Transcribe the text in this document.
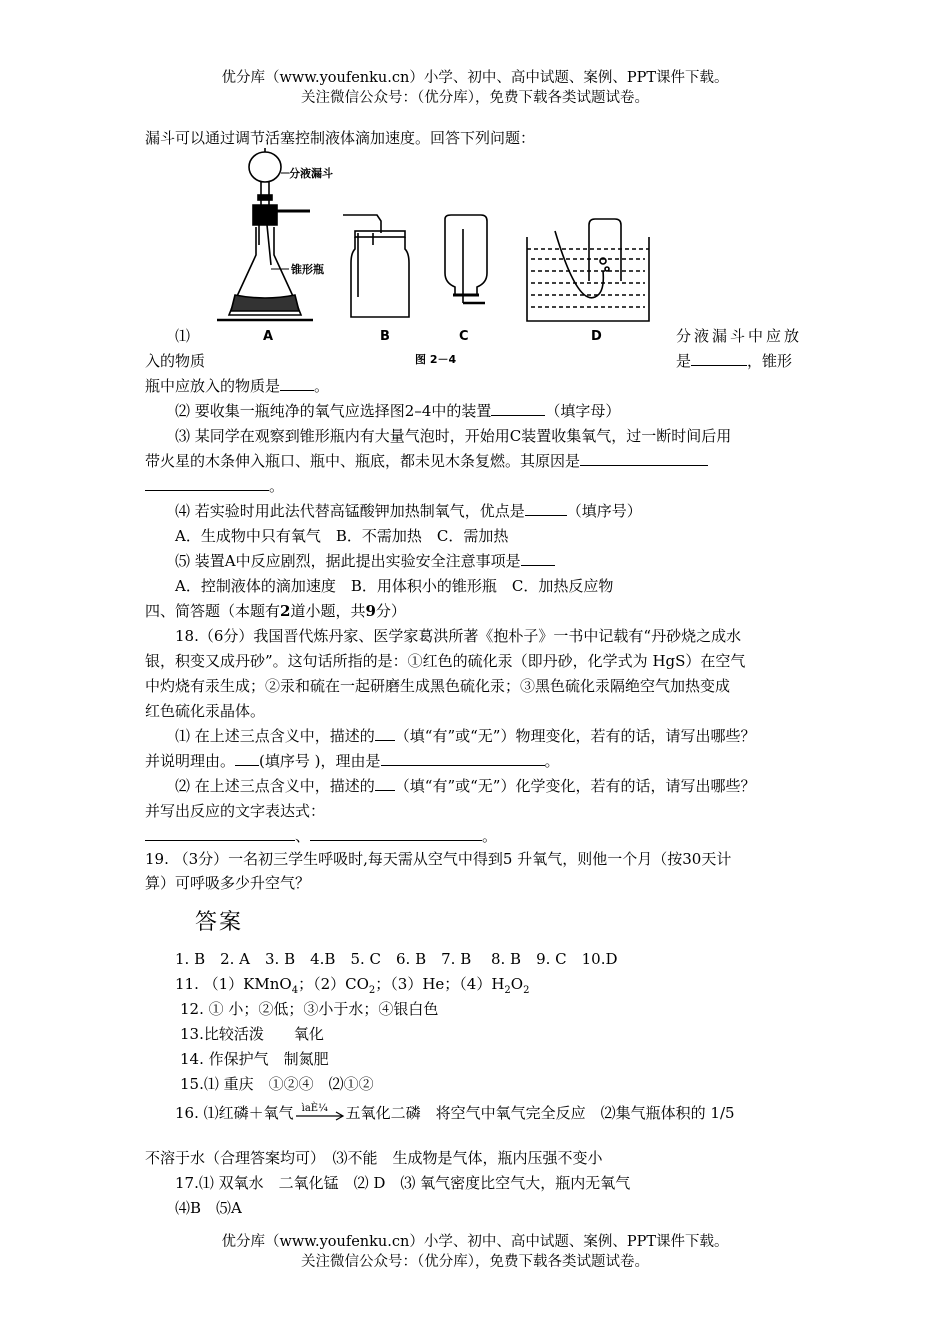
优分库（www.youfenku.cn）小学、初中、高中试题、案例、PPT课件下载。
关注微信公众号：（优分库），免费下载各类试题试卷。
漏斗可以通过调节活塞控制液体滴加速度。回答下列问题：
分液漏斗
锥形瓶
A	B	C	D
图 2－4
⑴	分液漏斗中应放
入的物质	是	，锥形
瓶中应放入的物质是 。
⑵ 要收集一瓶纯净的氧气应选择图2–4中的装置	（填字母）
⑶ 某同学在观察到锥形瓶内有大量气泡时，开始用C装置收集氧气，过一断时间后用
带火星的木条伸入瓶口、瓶中、瓶底，都未见木条复燃。其原因是
。
⑷ 若实验时用此法代替高锰酸钾加热制氧气，优点是	（填序号）
A．生成物中只有氧气　B．不需加热　C．需加热
⑸ 装置A中反应剧烈，据此提出实验安全注意事项是
A．控制液体的滴加速度　B．用体积小的锥形瓶　C．加热反应物
四、简答题（本题有2道小题，共9分）
18.（6分）我国晋代炼丹家、医学家葛洪所著《抱朴子》一书中记载有“丹砂烧之成水
银，积变又成丹砂”。这句话所指的是：①红色的硫化汞（即丹砂，化学式为 HgS）在空气
中灼烧有汞生成；②汞和硫在一起研磨生成黑色硫化汞；③黑色硫化汞隔绝空气加热变成
红色硫化汞晶体。
⑴ 在上述三点含义中，描述的 （填“有”或“无”）物理变化，若有的话，请写出哪些？
并说明理由。 (填序号 )，理由是	。
⑵ 在上述三点含义中，描述的 （填“有”或“无”）化学变化，若有的话，请写出哪些？
并写出反应的文字表达式：
、	。
19. （3分）一名初三学生呼吸时,每天需从空气中得到5 升氧气，则他一个月（按30天计
算）可呼吸多少升空气？
答案
1. B　2. A　3. B　4.B　5. C　6. B　7. B　 8. B　9. C　10.D
11. （1）KMnO$_4$；$(2)CO_2$；（3）He；$(4)H_2O_2$
12. ① 小；②低；③小于水；④银白色
13.比较活泼　　氧化
14. 作保护气　制氮肥
15.⑴ 重庆　①②④　⑵①②
16. ⑴红磷＋氧气 ìaÈ¼ 五氧化二磷　将空气中氧气完全反应　⑵集气瓶体积的 1/5
不溶于水（合理答案均可）　⑶不能　生成物是气体，瓶内压强不变小
17.⑴ 双氧水　二氧化锰　⑵ D　⑶ 氧气密度比空气大，瓶内无氧气
⑷B　⑸A
优分库（www.youfenku.cn）小学、初中、高中试题、案例、PPT课件下载。
关注微信公众号：（优分库），免费下载各类试题试卷。
